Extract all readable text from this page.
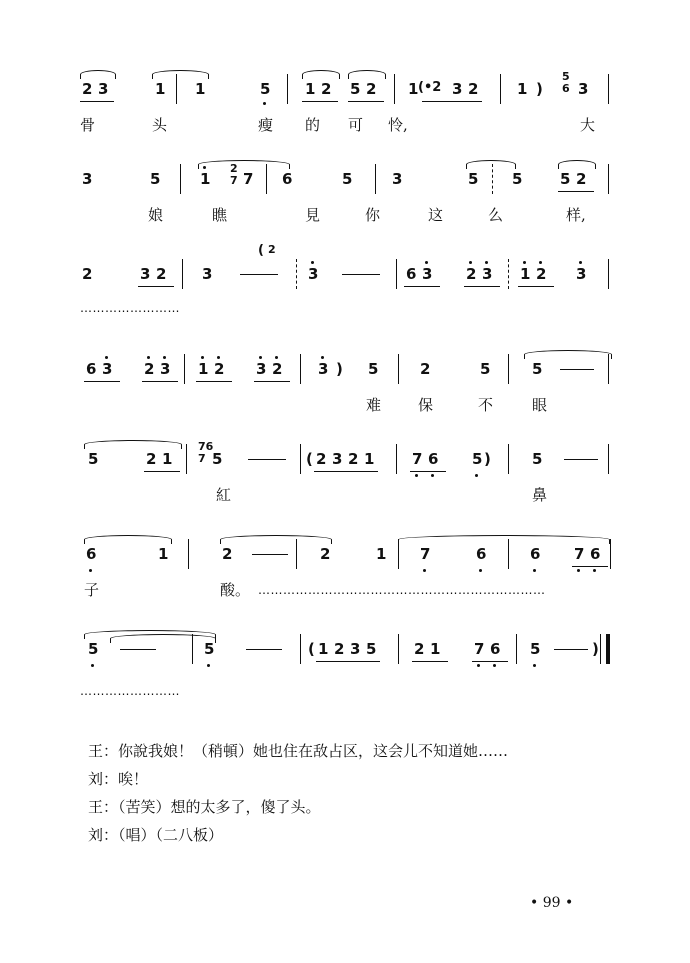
2 3	1 1	5 1 2 5 2 1 (•2 3 2	1 )
5
6 3
骨	头	瘦 的 可 怜,	大
3	5	1
2
7 7 6	5	3	5 5	5 2
娘	瞧	見	你	这	么	样,
2	3 2 3
( 2
3	6 3 2 3 1 2 3
……………………
6 3 2 3 1 2 3 2 3 ) 5	2	5	5
难 保	不	眼
5	2 1
76
7 5	( 2 3 2 1	7 6 5 )	5
紅	鼻
6	1	2	2	1 7	6	6 7 6
子	酸。 ……………………………………………………………
5	5	( 1 2 3 5	2 1 7 6 5	)
……………………
王：你說我娘！（稍頓）她也住在敌占区，这会儿不知道她……
刘：唉！
王：（苦笑）想的太多了，傻了头。
刘：（唱）（二八板）
• 99 •
